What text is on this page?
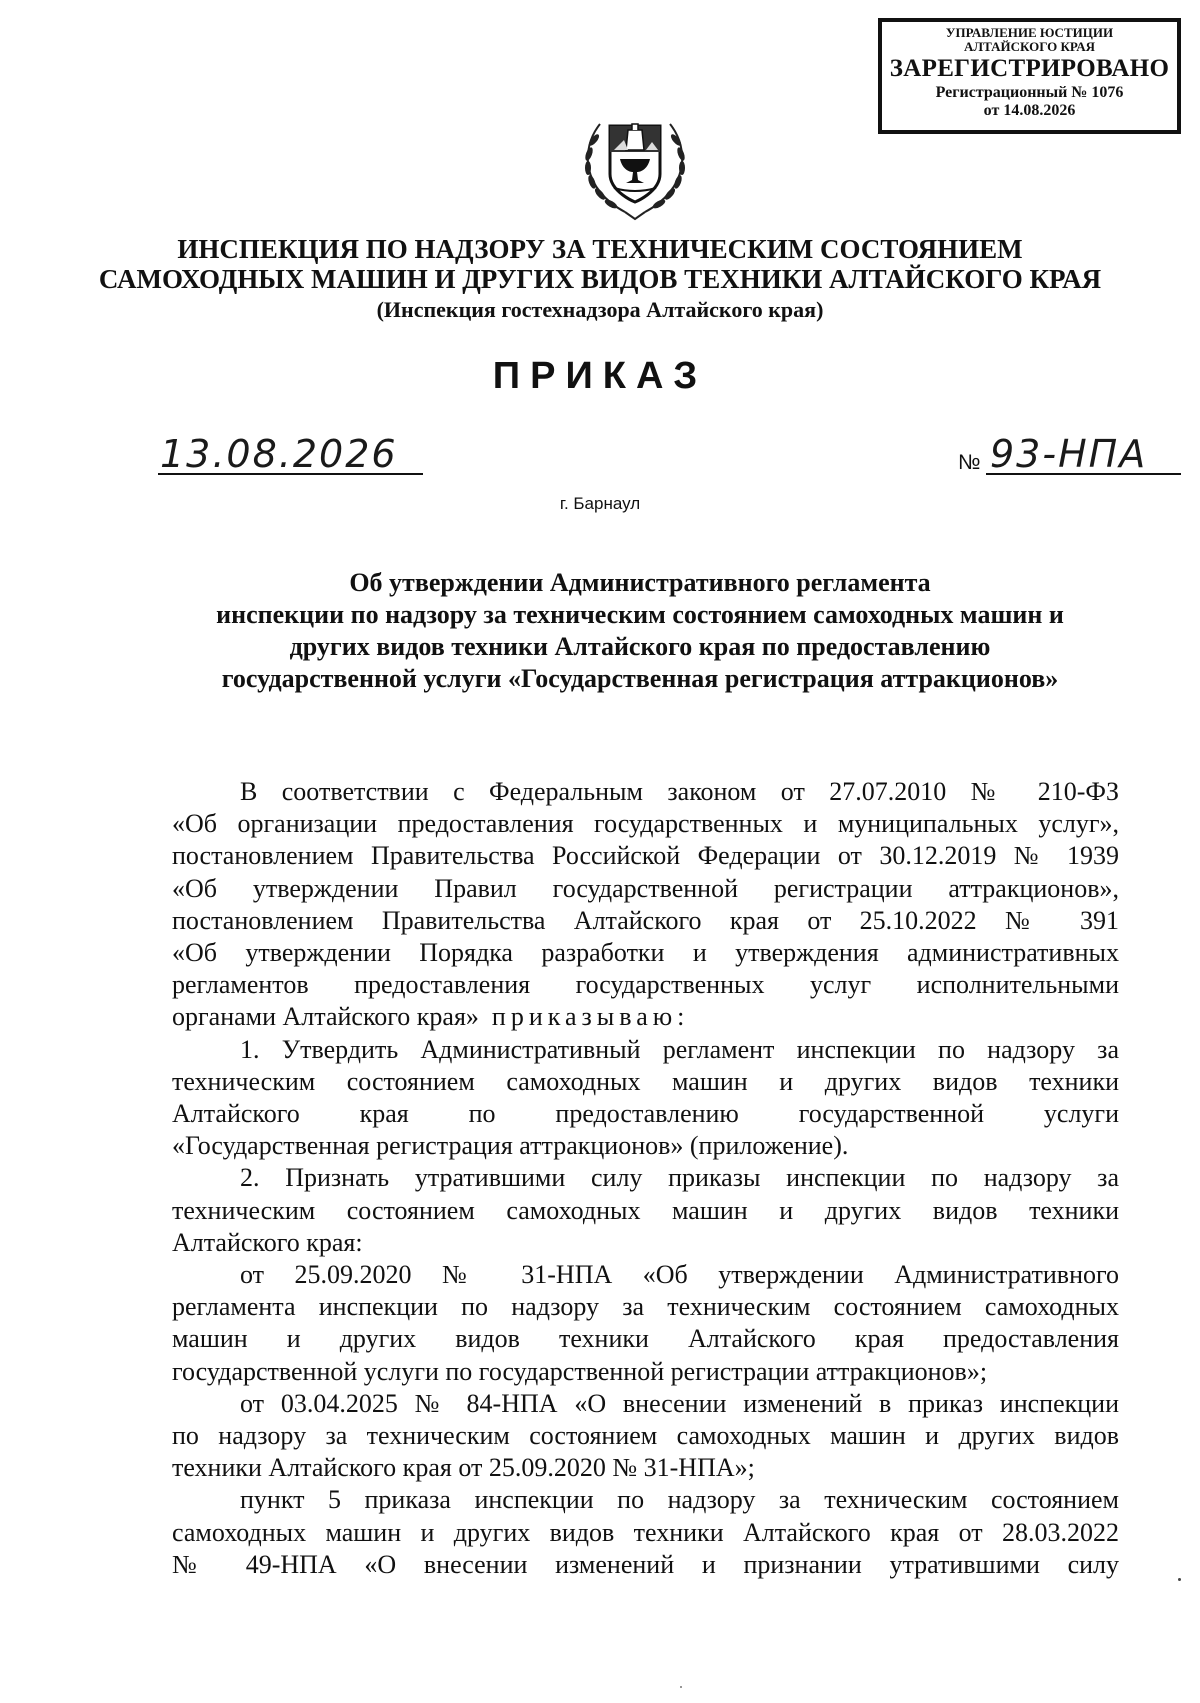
УПРАВЛЕНИЕ ЮСТИЦИИ
АЛТАЙСКОГО КРАЯ
ЗАРЕГИСТРИРОВАНО
Регистрационный № 1076
от 14.08.2026
ИНСПЕКЦИЯ ПО НАДЗОРУ ЗА ТЕХНИЧЕСКИМ СОСТОЯНИЕМ
САМОХОДНЫХ МАШИН И ДРУГИХ ВИДОВ ТЕХНИКИ АЛТАЙСКОГО КРАЯ
(Инспекция гостехнадзора Алтайского края)
ПРИКАЗ
13.08.2026	№ 93-НПА
г. Барнаул
Об утверждении Административного регламента
инспекции по надзору за техническим состоянием самоходных машин и
других видов техники Алтайского края по предоставлению
государственной услуги «Государственная регистрация аттракционов»
В соответствии с Федеральным законом от 27.07.2010 № 210-ФЗ
«Об организации предоставления государственных и муниципальных услуг»,
постановлением Правительства Российской Федерации от 30.12.2019 № 1939
«Об утверждении Правил государственной регистрации аттракционов»,
постановлением Правительства Алтайского края от 25.10.2022 № 391
«Об утверждении Порядка разработки и утверждения административных
регламентов предоставления государственных услуг исполнительными
органами Алтайского края» приказываю:
1. Утвердить Административный регламент инспекции по надзору за
техническим состоянием самоходных машин и других видов техники
Алтайского края по предоставлению государственной услуги
«Государственная регистрация аттракционов» (приложение).
2. Признать утратившими силу приказы инспекции по надзору за
техническим состоянием самоходных машин и других видов техники
Алтайского края:
от 25.09.2020 № 31-НПА «Об утверждении Административного
регламента инспекции по надзору за техническим состоянием самоходных
машин и других видов техники Алтайского края предоставления
государственной услуги по государственной регистрации аттракционов»;
от 03.04.2025 № 84-НПА «О внесении изменений в приказ инспекции
по надзору за техническим состоянием самоходных машин и других видов
техники Алтайского края от 25.09.2020 № 31-НПА»;
пункт 5 приказа инспекции по надзору за техническим состоянием
самоходных машин и других видов техники Алтайского края от 28.03.2022
№ 49-НПА «О внесении изменений и признании утратившими силу
